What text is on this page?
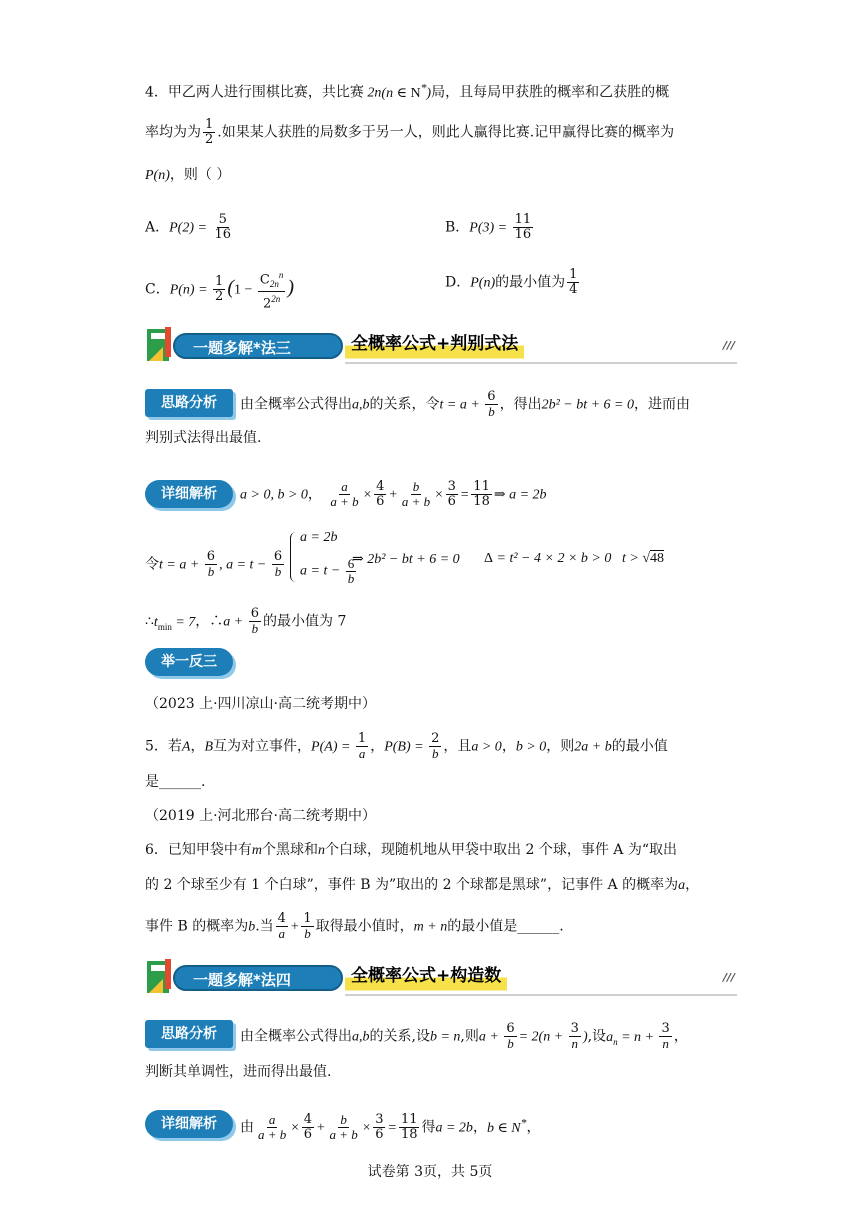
4．甲乙两人进行围棋比赛，共比赛 2n(n ∈ N*)局，且每局甲获胜的概率和乙获胜的概
率均为为 $\frac{1}{2}$ .如果某人获胜的局数多于另一人，则此人赢得比赛.记甲赢得比赛的概率为
P(n)，则（ ）
A．$P(2) = \frac{5}{16}$	B．$P(3) = \frac{11}{16}$
C．$P(n) = \frac{1}{2} (1 - \frac{C_{2n}^n}{2^{2n}}$ )	D．P(n)的最小值为 $\frac{1}{4}$
一题多解*法三	全概率公式+判别式法	///
思路分析	由全概率公式得出a,b的关系，令$t = a + \frac{6}{b}$ ，得出2b² − bt + 6 = 0，进而由
判别式法得出最值.
详细解析	a > 0, b > 0， $\frac{a}{a + b} \times \frac{4}{6} + \frac{b}{a + b} \times \frac{3}{6} = \frac{11}{18}$ ⇒ a = 2b
令$t = a + \frac{6}{b}$ , $a = t - \frac{6}{b}$
a = 2b
$a = t - \frac{6}{b}$
⇒ 2b² − bt + 6 = 0 Δ = t² − 4 × 2 × b > 0 t > √48
$\therefore t_{min} = 7$，∴a + $\frac{6}{b}$ 的最小值为 7
举一反三
（2023 上·四川凉山·高二统考期中）
5．若A，B互为对立事件，$P(A) = \frac{1}{a}$ ，$P(B) = \frac{2}{b}$ ，且a > 0，b > 0，则2a + b的最小值
是______.
（2019 上·河北邢台·高二统考期中）
6．已知甲袋中有m个黑球和n个白球，现随机地从甲袋中取出 2 个球，事件 A 为“取出
的 2 个球至少有 1 个白球”，事件 B 为”取出的 2 个球都是黑球”，记事件 A 的概率为a，
事件 B 的概率为b.当 $\frac{4}{a} + \frac{1}{b}$ 取得最小值时，m + n的最小值是______.
一题多解*法四	全概率公式+构造数	///
思路分析	由全概率公式得出a,b的关系,设b = n,则$a + \frac{6}{b} = 2(n + \frac{3}{n}$ ),设$a_n = n + \frac{3}{n}$ ，
判断其单调性，进而得出最值.
详细解析	由 $\frac{a}{a + b} \times \frac{4}{6} + \frac{b}{a + b} \times \frac{3}{6} = \frac{11}{18}$ 得a = 2b，b ∈ N*，
试卷第 3页，共 5页
